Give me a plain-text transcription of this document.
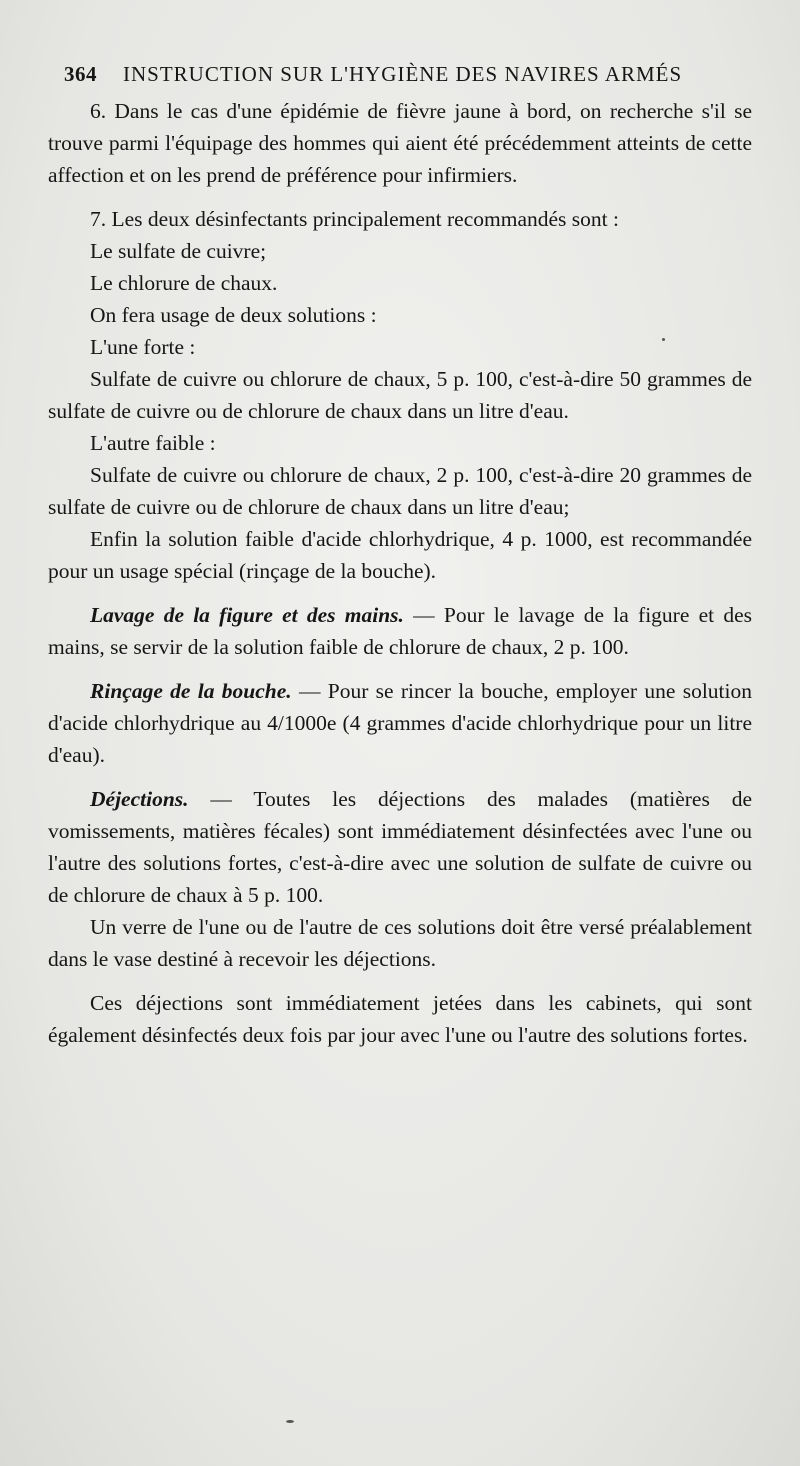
364 INSTRUCTION SUR L'HYGIÈNE DES NAVIRES ARMÉS

6. Dans le cas d'une épidémie de fièvre jaune à bord, on recherche s'il se trouve parmi l'équipage des hommes qui aient été précédemment atteints de cette affection et on les prend de préférence pour infirmiers.

7. Les deux désinfectants principalement recommandés sont :

Le sulfate de cuivre;

Le chlorure de chaux.

On fera usage de deux solutions :

L'une forte :

Sulfate de cuivre ou chlorure de chaux, 5 p. 100, c'est-à-dire 50 grammes de sulfate de cuivre ou de chlorure de chaux dans un litre d'eau.

L'autre faible :

Sulfate de cuivre ou chlorure de chaux, 2 p. 100, c'est-à-dire 20 grammes de sulfate de cuivre ou de chlorure de chaux dans un litre d'eau;

Enfin la solution faible d'acide chlorhydrique, 4 p. 1000, est recommandée pour un usage spécial (rinçage de la bouche).

Lavage de la figure et des mains. — Pour le lavage de la figure et des mains, se servir de la solution faible de chlorure de chaux, 2 p. 100.

Rinçage de la bouche. — Pour se rincer la bouche, employer une solution d'acide chlorhydrique au 4/1000e (4 grammes d'acide chlorhydrique pour un litre d'eau).

Déjections. — Toutes les déjections des malades (matières de vomissements, matières fécales) sont immédiatement désinfectées avec l'une ou l'autre des solutions fortes, c'est-à-dire avec une solution de sulfate de cuivre ou de chlorure de chaux à 5 p. 100.

Un verre de l'une ou de l'autre de ces solutions doit être versé préalablement dans le vase destiné à recevoir les déjections.

Ces déjections sont immédiatement jetées dans les cabinets, qui sont également désinfectés deux fois par jour avec l'une ou l'autre des solutions fortes.
